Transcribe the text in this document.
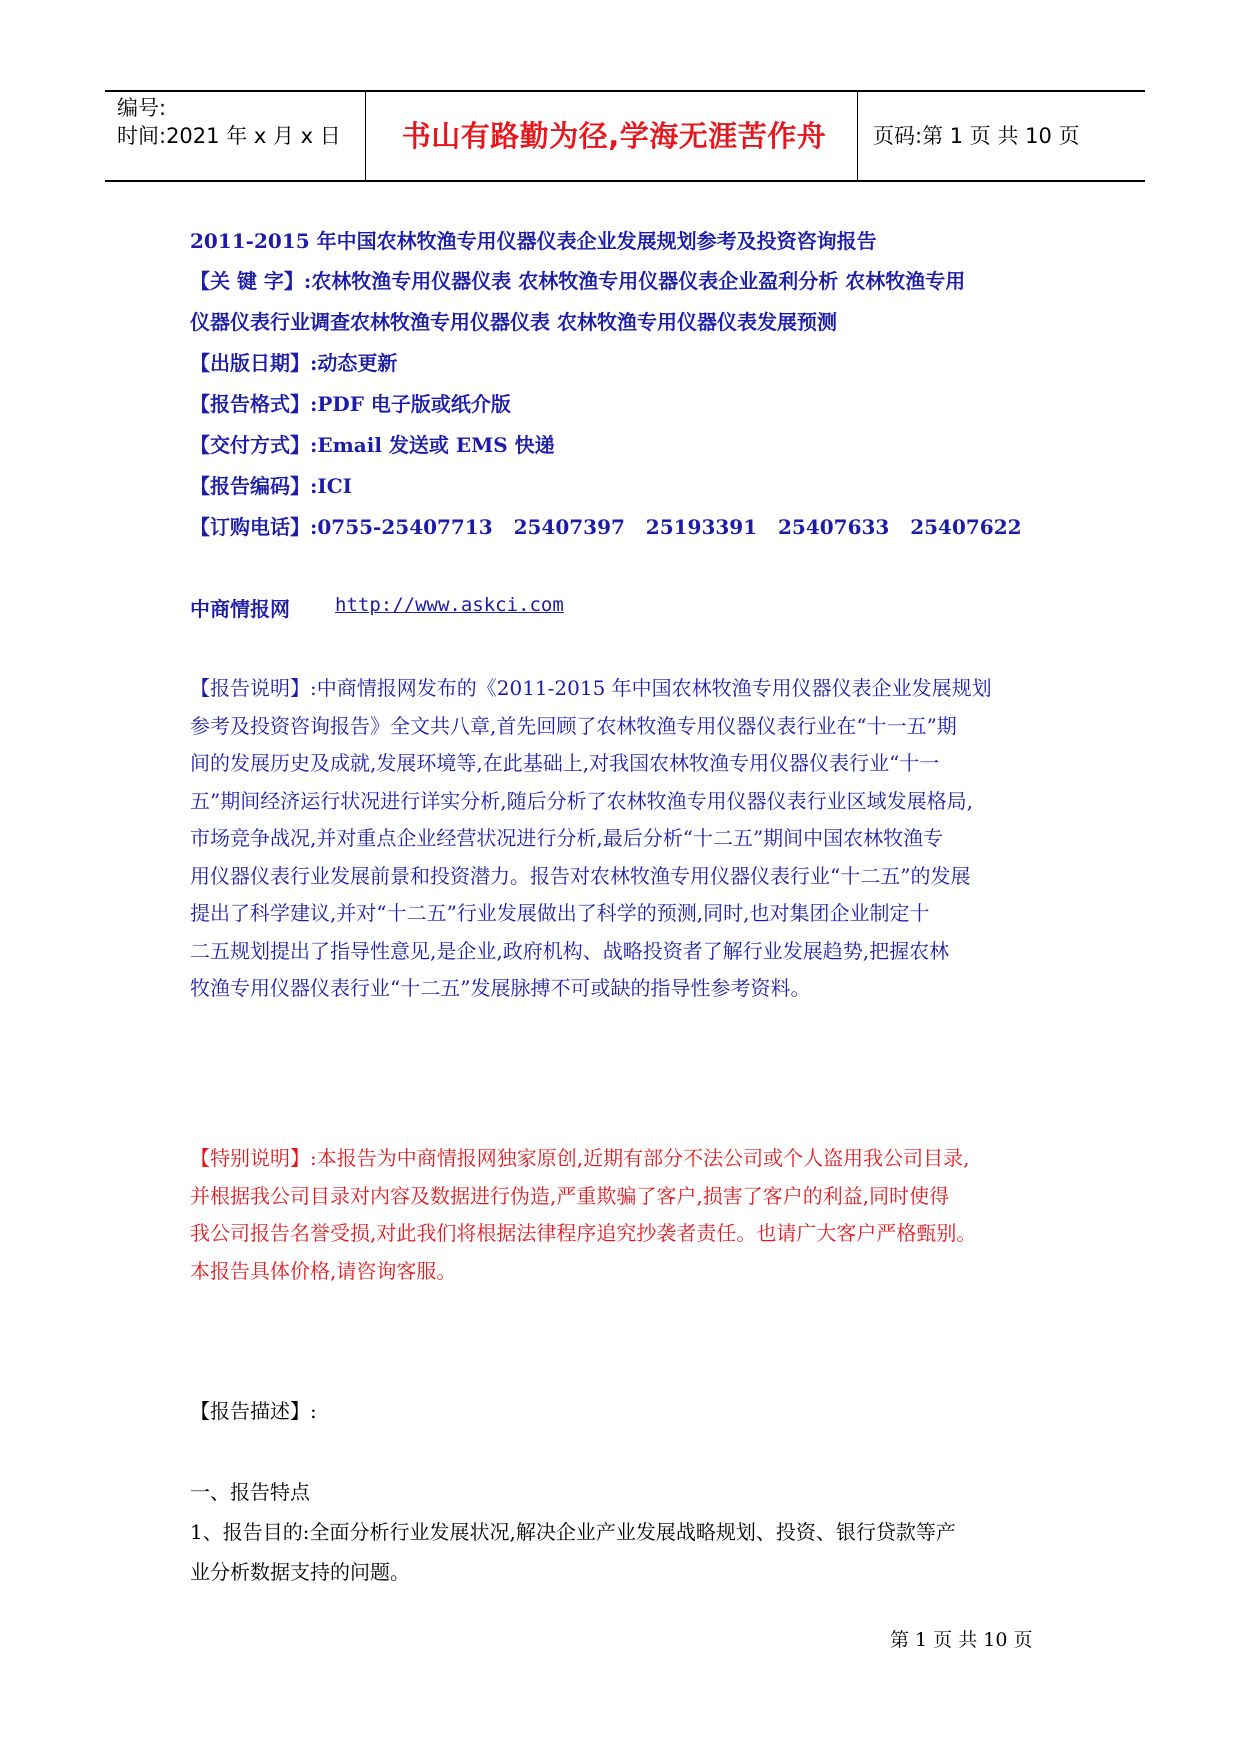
编号:
时间:2021 年 x 月 x 日	书山有路勤为径,学海无涯苦作舟	页码:第 1 页 共 10 页
2011-2015 年中国农林牧渔专用仪器仪表企业发展规划参考及投资咨询报告
【关 键 字】:农林牧渔专用仪器仪表 农林牧渔专用仪器仪表企业盈利分析 农林牧渔专用
仪器仪表行业调查农林牧渔专用仪器仪表 农林牧渔专用仪器仪表发展预测
【出版日期】:动态更新
【报告格式】:PDF 电子版或纸介版
【交付方式】:Email 发送或 EMS 快递
【报告编码】:ICI
【订购电话】:0755-25407713   25407397   25193391   25407633   25407622
中商情报网 http://www.askci.com
【报告说明】:中商情报网发布的《2011-2015 年中国农林牧渔专用仪器仪表企业发展规划
参考及投资咨询报告》全文共八章,首先回顾了农林牧渔专用仪器仪表行业在“十一五”期
间的发展历史及成就,发展环境等,在此基础上,对我国农林牧渔专用仪器仪表行业“十一
五”期间经济运行状况进行详实分析,随后分析了农林牧渔专用仪器仪表行业区域发展格局,
市场竞争战况,并对重点企业经营状况进行分析,最后分析“十二五”期间中国农林牧渔专
用仪器仪表行业发展前景和投资潜力。报告对农林牧渔专用仪器仪表行业“十二五”的发展
提出了科学建议,并对“十二五”行业发展做出了科学的预测,同时,也对集团企业制定十
二五规划提出了指导性意见,是企业,政府机构、战略投资者了解行业发展趋势,把握农林
牧渔专用仪器仪表行业“十二五”发展脉搏不可或缺的指导性参考资料。
【特别说明】:本报告为中商情报网独家原创,近期有部分不法公司或个人盗用我公司目录,
并根据我公司目录对内容及数据进行伪造,严重欺骗了客户,损害了客户的利益,同时使得
我公司报告名誉受损,对此我们将根据法律程序追究抄袭者责任。也请广大客户严格甄别。
本报告具体价格,请咨询客服。
【报告描述】:
一、报告特点
1、报告目的:全面分析行业发展状况,解决企业产业发展战略规划、投资、银行贷款等产
业分析数据支持的问题。
第 1 页 共 10 页
